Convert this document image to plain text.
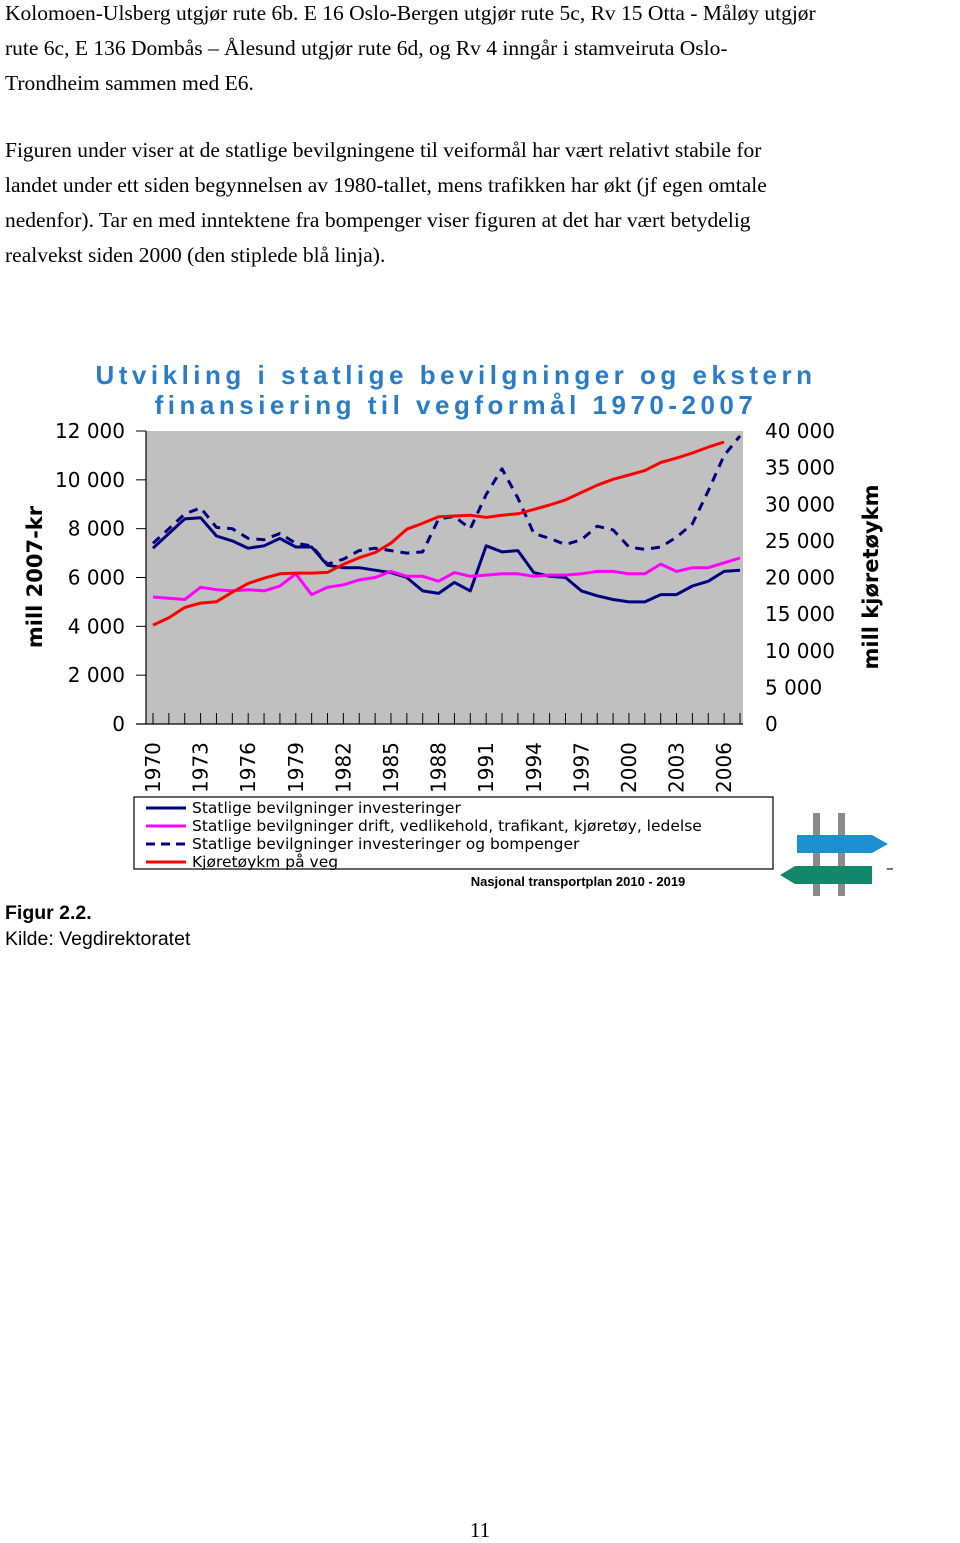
Kolomoen-Ulsberg utgjør rute 6b. E 16 Oslo-Bergen utgjør rute 5c, Rv 15 Otta - Måløy utgjør
rute 6c, E 136 Dombås – Ålesund utgjør rute 6d, og Rv 4 inngår i stamveiruta Oslo-
Trondheim sammen med E6.

Figuren under viser at de statlige bevilgningene til veiformål har vært relativt stabile for
landet under ett siden begynnelsen av 1980-tallet, mens trafikken har økt (jf egen omtale
nedenfor). Tar en med inntektene fra bompenger viser figuren at det har vært betydelig
realvekst siden 2000 (den stiplede blå linja).

Utvikling i statlige bevilgninger og ekstern
finansiering til vegformål 1970-2007
12 000
10 000
8 000
6 000
4 000
2 000
0
40 000
35 000
30 000
25 000
20 000
15 000
10 000
5 000
0
1970 1973 1976 1979 1982 1985 1988 1991 1994 1997 2000 2003 2006
mill 2007-kr	mill kjøretøykm
Statlige bevilgninger investeringer
Statlige bevilgninger drift, vedlikehold, trafikant, kjøretøy, ledelse
Statlige bevilgninger investeringer og bompenger
Kjøretøykm på veg	–
Nasjonal transportplan 2010 - 2019

Figur 2.2.

Kilde: Vegdirektoratet

11
